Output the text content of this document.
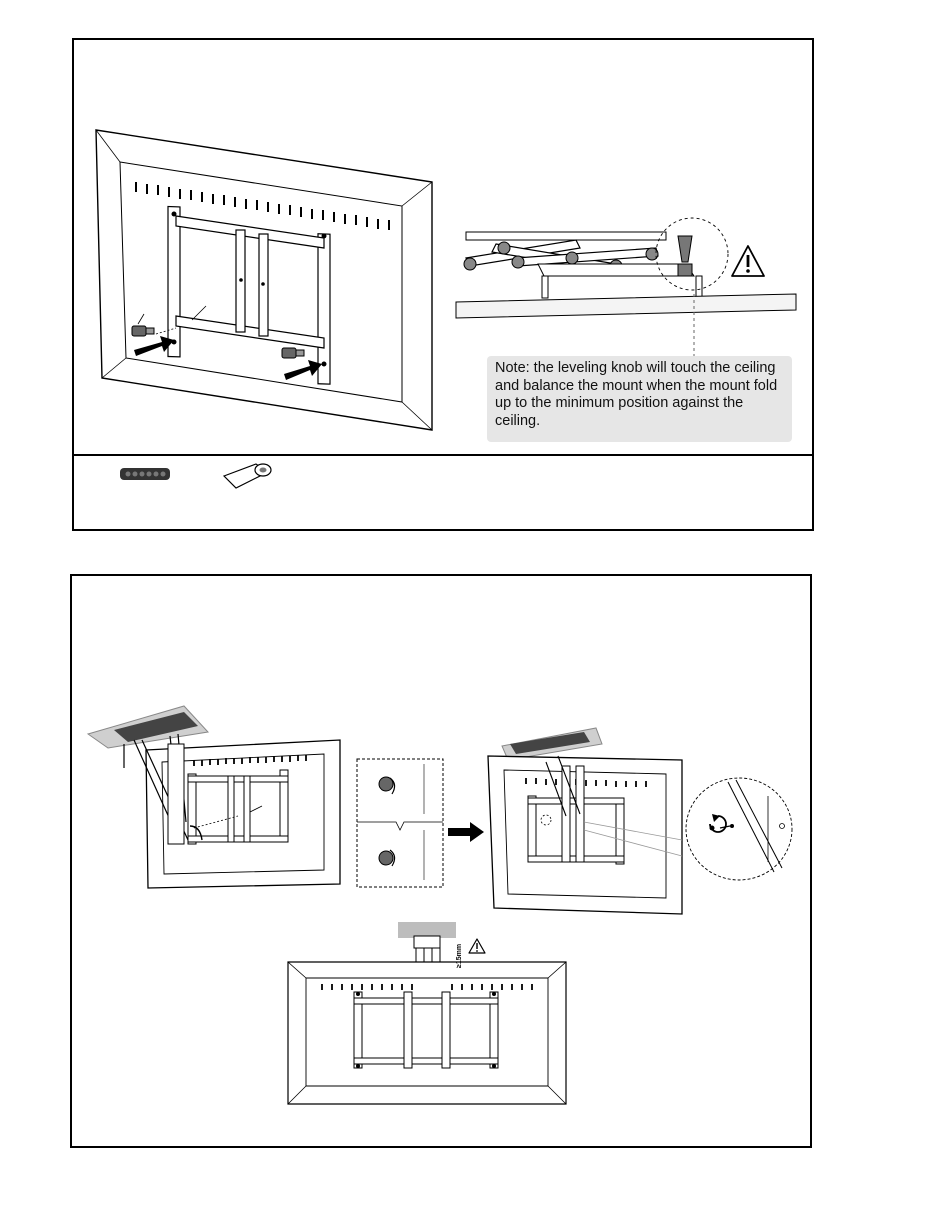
Note: the leveling knob will touch the ceiling and balance the mount when the mount fold up to the minimum position against the ceiling.
≥15mm
